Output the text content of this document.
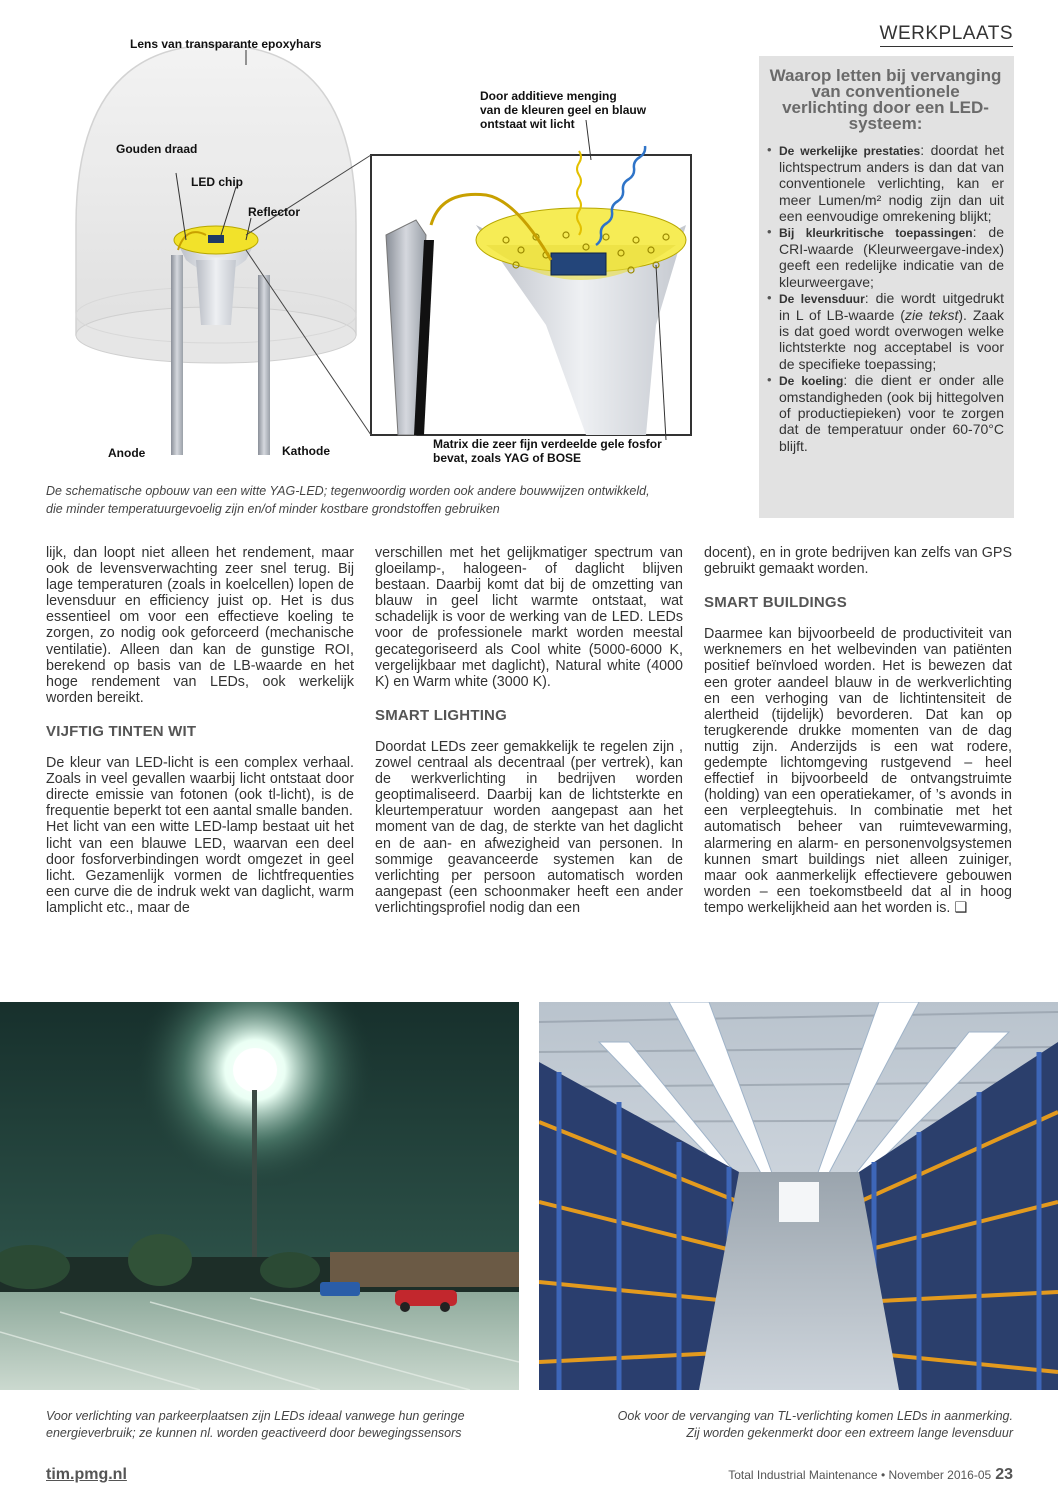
WERKPLAATS
Lens van transparante epoxyhars
Gouden draad
LED chip
Reflector
Door additieve menging
van de kleuren geel en blauw
ontstaat wit licht
Anode	Kathode	Matrix die zeer fijn verdeelde gele fosfor
bevat, zoals YAG of BOSE
De schematische opbouw van een witte YAG-LED; tegenwoordig worden ook andere bouwwijzen ontwikkeld,
die minder temperatuurgevoelig zijn en/of minder kostbare grondstoffen gebruiken
Waarop letten bij vervanging van conventionele verlichting door een LED-systeem:
• De werkelijke prestaties: doordat het lichtspectrum anders is dan dat van conventionele verlichting, kan er meer Lumen/m² nodig zijn dan uit een eenvoudige omrekening blijkt;
• Bij kleurkritische toepassingen: de CRI-waarde (Kleurweergave-index) geeft een redelijke indicatie van de kleurweergave;
• De levensduur: die wordt uitgedrukt in L of LB-waarde (zie tekst). Zaak is dat goed wordt overwogen welke lichtsterkte nog acceptabel is voor de specifieke toepassing;
• De koeling: die dient er onder alle omstandigheden (ook bij hittegolven of productiepieken) voor te zorgen dat de temperatuur onder 60-70°C blijft.

lijk, dan loopt niet alleen het rendement, maar ook de levensverwachting zeer snel terug. Bij lage temperaturen (zoals in koelcellen) lopen de levensduur en efficiency juist op. Het is dus essentieel om voor een effectieve koeling te zorgen, zo nodig ook geforceerd (mechanische ventilatie). Alleen dan kan de gunstige ROI, berekend op basis van de LB-waarde en het hoge rendement van LEDs, ook werkelijk worden bereikt.

VIJFTIG TINTEN WIT

De kleur van LED-licht is een complex verhaal. Zoals in veel gevallen waarbij licht ontstaat door directe emissie van fotonen (ook tl-licht), is de frequentie beperkt tot een aantal smalle banden.

Het licht van een witte LED-lamp bestaat uit het licht van een blauwe LED, waarvan een deel door fosforverbindingen wordt omgezet in geel licht. Gezamenlijk vormen de lichtfrequenties een curve die de indruk wekt van daglicht, warm lamplicht etc., maar de

verschillen met het gelijkmatiger spectrum van gloeilamp-, halogeen- of daglicht blijven bestaan. Daarbij komt dat bij de omzetting van blauw in geel licht warmte ontstaat, wat schadelijk is voor de werking van de LED. LEDs voor de professionele markt worden meestal gecategoriseerd als Cool white (5000-6000 K, vergelijkbaar met daglicht), Natural white (4000 K) en Warm white (3000 K).

SMART LIGHTING

Doordat LEDs zeer gemakkelijk te regelen zijn , zowel centraal als decentraal (per vertrek), kan de werkverlichting in bedrijven worden geoptimaliseerd. Daarbij kan de lichtsterkte en kleurtemperatuur worden aangepast aan het moment van de dag, de sterkte van het daglicht en de aan- en afwezigheid van personen. In sommige geavanceerde systemen kan de verlichting per persoon automatisch worden aangepast (een schoonmaker heeft een ander verlichtingsprofiel nodig dan een

docent), en in grote bedrijven kan zelfs van GPS gebruikt gemaakt worden.

SMART BUILDINGS

Daarmee kan bijvoorbeeld de productiviteit van werknemers en het welbevinden van patiënten positief beïnvloed worden. Het is bewezen dat een groter aandeel blauw in de werkverlichting en een verhoging van de lichtintensiteit de alertheid (tijdelijk) bevorderen. Dat kan op terugkerende drukke momenten van de dag nuttig zijn. Anderzijds is een wat rodere, gedempte lichtomgeving rustgevend – heel effectief in bijvoorbeeld de ontvangstruimte (holding) van een operatiekamer, of ’s avonds in een verpleegtehuis. In combinatie met het automatisch beheer van ruimtevewarming, alarmering en alarm- en personenvolgsystemen kunnen smart buildings niet alleen zuiniger, maar ook aanmerkelijk effectievere gebouwen worden – een toekomstbeeld dat al in hoog tempo werkelijkheid aan het worden is. ❑

Voor verlichting van parkeerplaatsen zijn LEDs ideaal vanwege hun geringe
energieverbruik; ze kunnen nl. worden geactiveerd door bewegingssensors
Ook voor de vervanging van TL-verlichting komen LEDs in aanmerking.
Zij worden gekenmerkt door een extreem lange levensduur
tim.pmg.nl	Total Industrial Maintenance • November 2016-05 23
